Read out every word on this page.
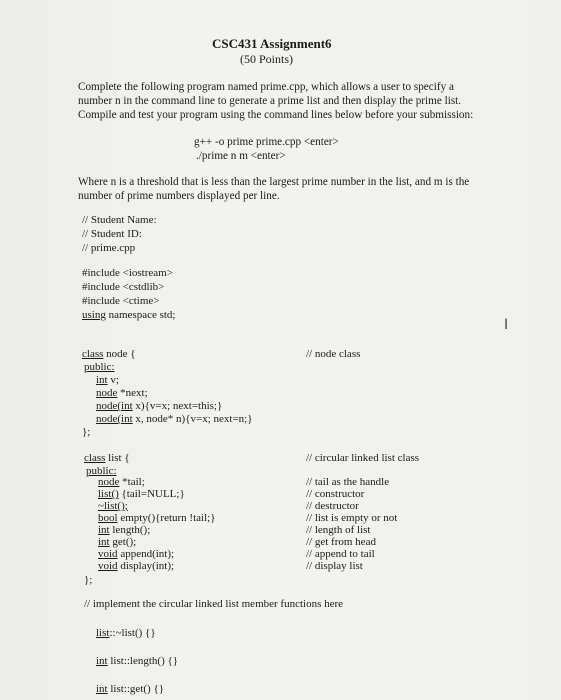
CSC431 Assignment6
(50 Points)
Complete the following program named prime.cpp, which allows a user to specify a
number n in the command line to generate a prime list and then display the prime list.
Compile and test your program using the command lines below before your submission:
g++ -o prime prime.cpp <enter>
./prime n m <enter>
Where n is a threshold that is less than the largest prime number in the list, and m is the
number of prime numbers displayed per line.
// Student Name:
// Student ID:
// prime.cpp
#include <iostream>
#include <cstdlib>
#include <ctime>
using namespace std;
class node {	// node class
public:
int v;
node *next;
node(int x){v=x; next=this;}
node(int x, node* n){v=x; next=n;}
};
class list {	// circular linked list class
public:
node *tail;	// tail as the handle
list() {tail=NULL;}	// constructor
~list();	// destructor
bool empty(){return !tail;}	// list is empty or not
int length();	// length of list
int get();	// get from head
void append(int);	// append to tail
void display(int);	// display list
};
// implement the circular linked list member functions here
list::~list() {}
int list::length() {}
int list::get() {}
I
